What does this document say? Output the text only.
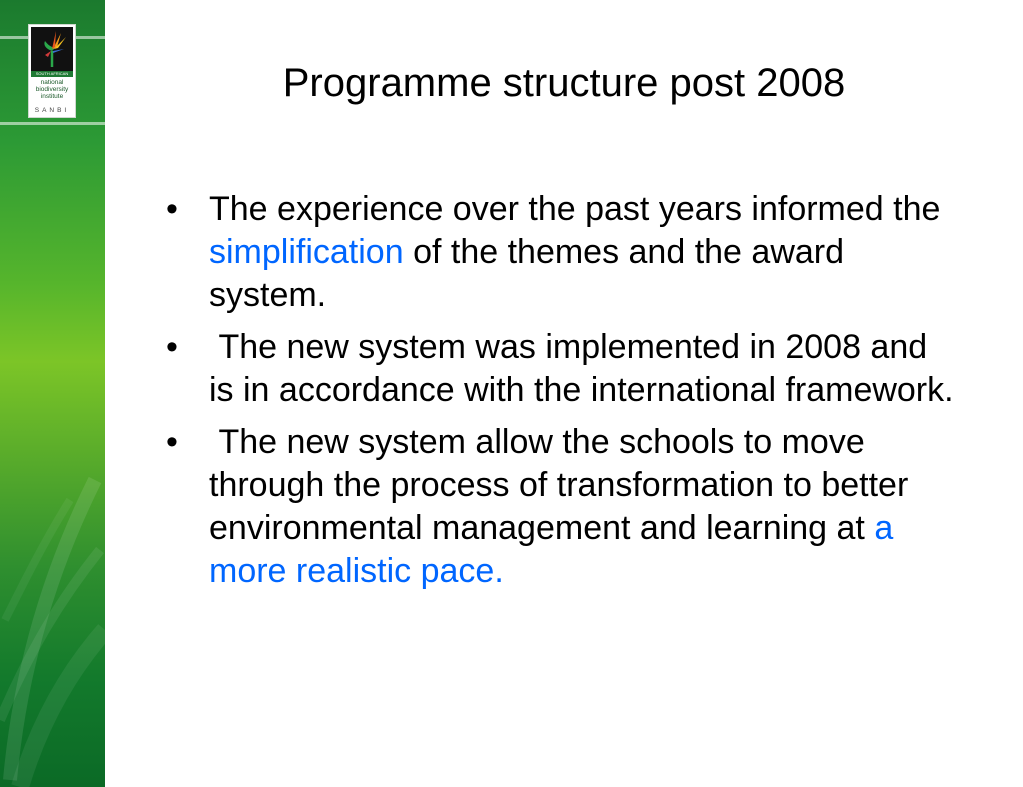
SOUTH AFRICAN
national
biodiversity
institute
SANBI
Programme structure post 2008
• The experience over the past years informed the simplification of the themes and the award system.
• The new system was implemented in 2008 and is in accordance with the international framework.
• The new system allow the schools to move through the process of transformation to better environmental management and learning at a more realistic pace.
